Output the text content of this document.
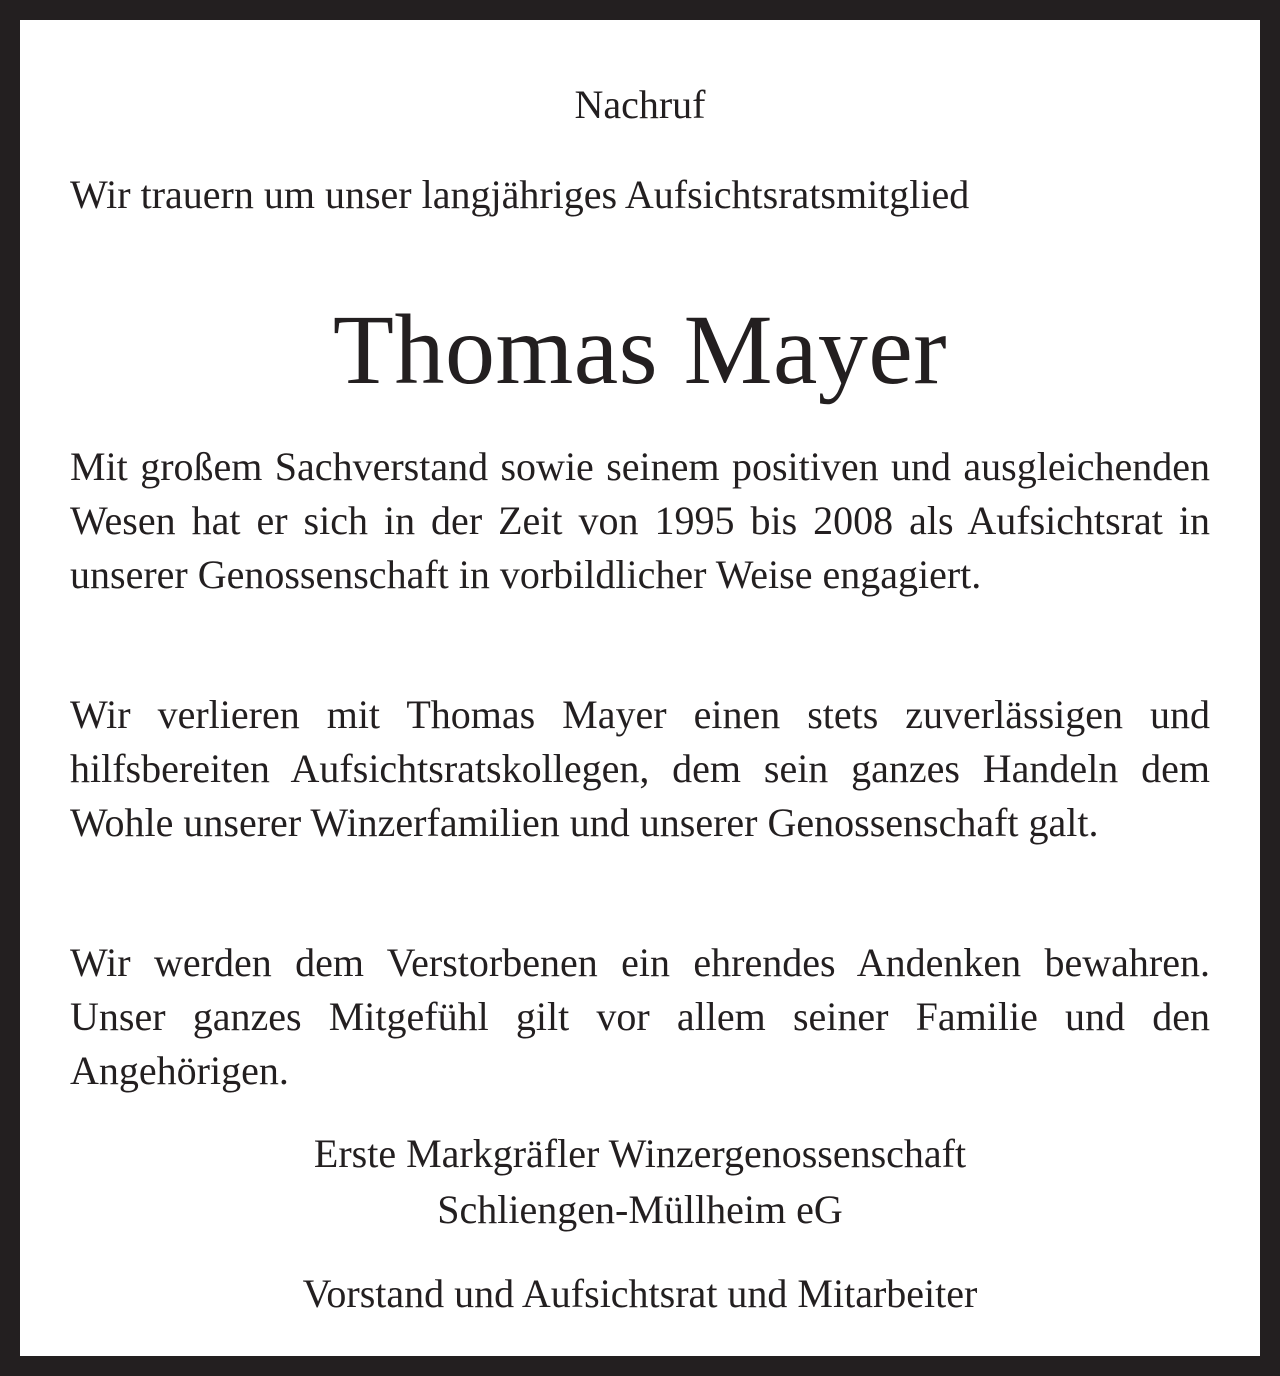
Nachruf
Wir trauern um unser langjähriges Aufsichtsratsmitglied
Thomas Mayer
Mit großem Sachverstand sowie seinem positiven und ausgleichenden Wesen hat er sich in der Zeit von 1995 bis 2008 als Aufsichtsrat in unserer Genossenschaft in vorbildlicher Weise engagiert.
Wir verlieren mit Thomas Mayer einen stets zuverlässigen und hilfsbereiten Aufsichtsratskollegen, dem sein ganzes Handeln dem Wohle unserer Winzerfamilien und unserer Genossenschaft galt.
Wir werden dem Verstorbenen ein ehrendes Andenken bewahren. Unser ganzes Mitgefühl gilt vor allem seiner Familie und den Angehörigen.
Erste Markgräfler Winzergenossenschaft
Schliengen-Müllheim eG
Vorstand und Aufsichtsrat und Mitarbeiter
